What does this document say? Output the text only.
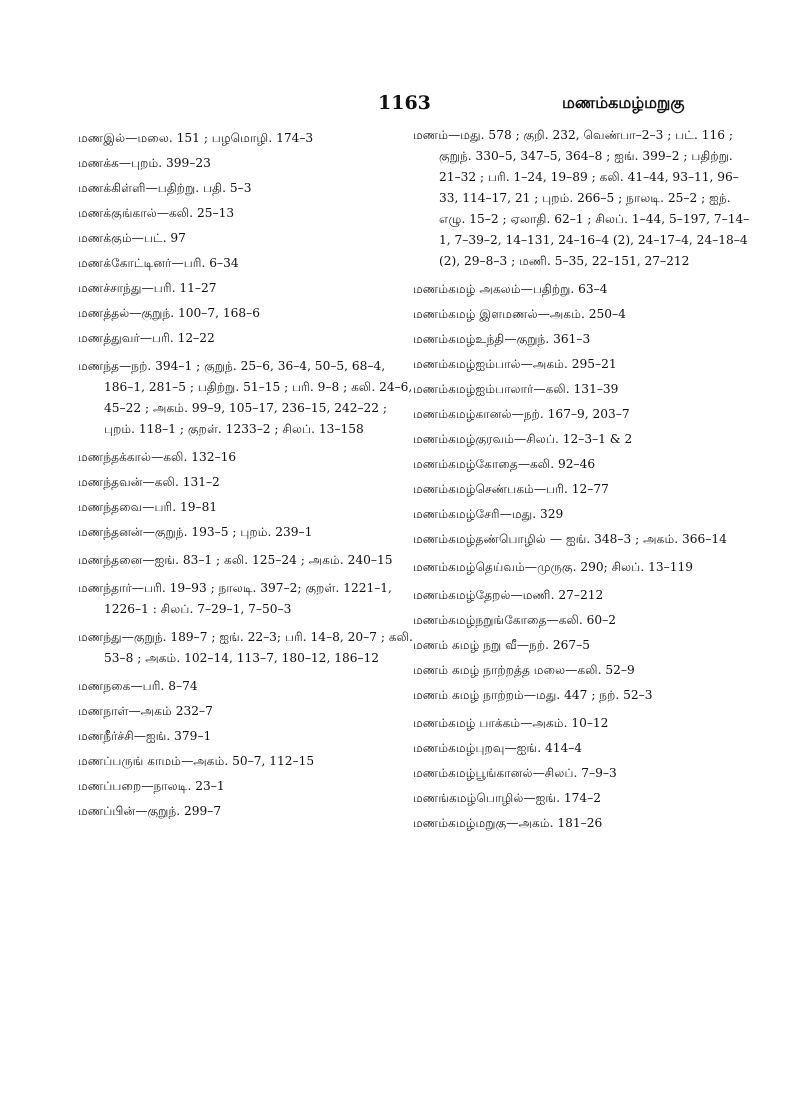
1163	மணம்கமழ்மறுகு

மணஇல்—மலை. 151 ; பழமொழி. 174–3

மணக்க—புறம். 399–23

மணக்கிள்ளி—பதிற்று. பதி. 5–3

மணக்குங்கால்—கலி. 25–13

மணக்கும்—பட். 97

மணக்கோட்டினர்—பரி. 6–34

மணச்சாந்து—பரி. 11–27

மணத்தல்—குறுந். 100–7, 168–6

மணத்துவர்—பரி. 12–22

மணந்த—நற். 394–1 ; குறுந். 25–6, 36–4, 50–5, 68–4, 186–1, 281–5 ; பதிற்று. 51–15 ; பரி. 9–8 ; கலி. 24–6, 45–22 ; அகம். 99–9, 105–17, 236–15, 242–22 ; புறம். 118–1 ; குறள். 1233–2 ; சிலப். 13–158

மணந்தக்கால்—கலி. 132–16

மணந்தவன்—கலி. 131–2

மணந்தவை—பரி. 19–81

மணந்தனன்—குறுந். 193–5 ; புறம். 239–1

மணந்தனை—ஐங். 83–1 ; கலி. 125–24 ; அகம். 240–15

மணந்தார்—பரி. 19–93 ; நாலடி. 397–2; குறள். 1221–1, 1226–1 : சிலப். 7–29–1, 7–50–3

மணந்து—குறுந். 189–7 ; ஐங். 22–3; பரி. 14–8, 20–7 ; கலி. 53–8 ; அகம். 102–14, 113–7, 180–12, 186–12

மணநகை—பரி. 8–74

மணநாள்—அகம் 232–7

மணநீர்ச்சி—ஐங். 379–1

மணப்பருங் காமம்—அகம். 50–7, 112–15

மணப்பறை—நாலடி. 23–1

மணப்பின்—குறுந். 299–7

மணம்—மது. 578 ; குறி. 232, வெண்பா–2–3 ; பட். 116 ; குறுந். 330–5, 347–5, 364–8 ; ஐங். 399–2 ; பதிற்று. 21–32 ; பரி. 1–24, 19–89 ; கலி. 41–44, 93–11, 96–33, 114–17, 21 ; புறம். 266–5 ; நாலடி. 25–2 ; ஐந். எழு. 15–2 ; ஏலாதி. 62–1 ; சிலப். 1–44, 5–197, 7–14–1, 7–39–2, 14–131, 24–16–4 (2), 24–17–4, 24–18–4 (2), 29–8–3 ; மணி. 5–35, 22–151, 27–212

மணம்கமழ் அகலம்—பதிற்று. 63–4

மணம்கமழ் இளமணல்—அகம். 250–4

மணம்கமழ்உந்தி—குறுந். 361–3

மணம்கமழ்ஐம்பால்—அகம். 295–21

மணம்கமழ்ஐம்பாலார்—கலி. 131–39

மணம்கமழ்கானல்—நற். 167–9, 203–7

மணம்கமழ்குரவம்—சிலப். 12–3–1 & 2

மணம்கமழ்கோதை—கலி. 92–46

மணம்கமழ்செண்பகம்—பரி. 12–77

மணம்கமழ்சேரி—மது. 329

மணம்கமழ்தண்பொழில் — ஐங். 348–3 ; அகம். 366–14

மணம்கமழ்தெய்வம்—முருகு. 290; சிலப். 13–119

மணம்கமழ்தேறல்—மணி. 27–212

மணம்கமழ்நறுங்கோதை—கலி. 60–2

மணம் கமழ் நறு வீ—நற். 267–5

மணம் கமழ் நாற்றத்த மலை—கலி. 52–9

மணம் கமழ் நாற்றம்—மது. 447 ; நற். 52–3

மணம்கமழ் பாக்கம்—அகம். 10–12

மணம்கமழ்புறவு—ஐங். 414–4

மணம்கமழ்பூங்கானல்—சிலப். 7–9–3

மணங்கமழ்பொழில்—ஐங். 174–2

மணம்கமழ்மறுகு—அகம். 181–26
